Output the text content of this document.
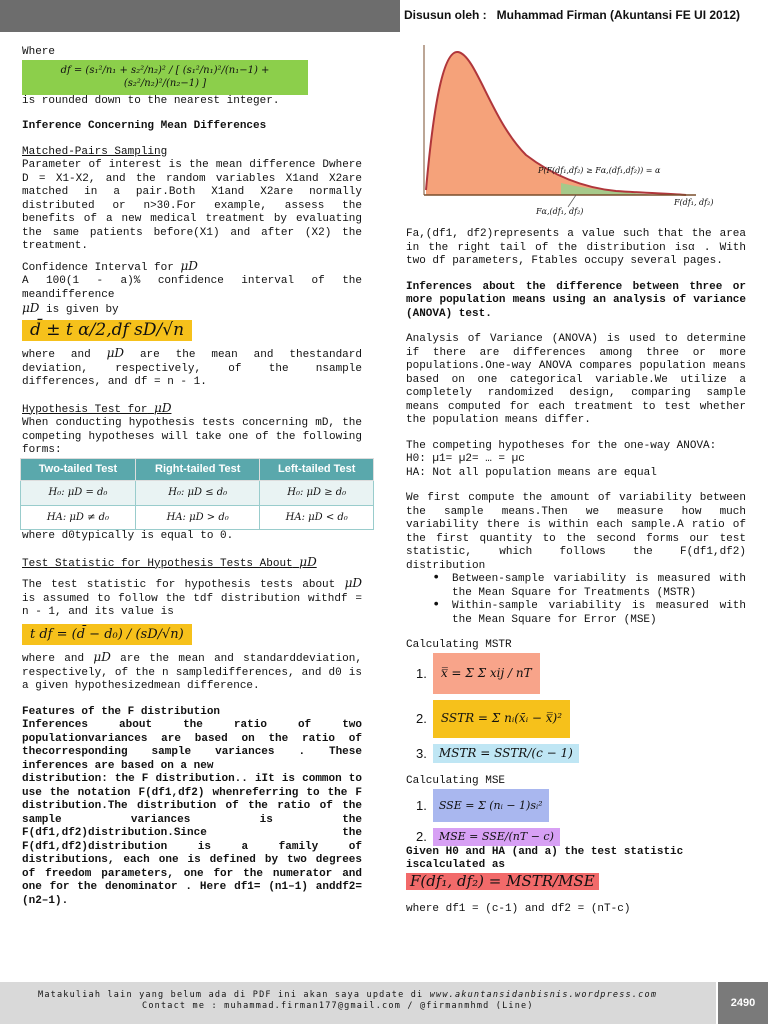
Disusun oleh : Muhammad Firman (Akuntansi FE UI 2012)
P(F(df₁,df₂) ≥ Fα,(df₁,df₂)) = α
F(df₁, df₂)
Fα,(df₁, df₂)
Where
df = (s₁²/n₁ + s₂²/n₂)² / [ (s₁²/n₁)²/(n₁−1) + (s₂²/n₂)²/(n₂−1) ]
is rounded down to the nearest integer.
Inference Concerning Mean Differences
Matched-Pairs Sampling
Parameter of interest is the mean difference Dwhere D = X1-X2, and the random variables X1and X2are matched in a pair.Both X1and X2are normally distributed or n>30.For example, assess the benefits of a new medical treatment by evaluating the same patients before(X1) and after (X2) the treatment.
Confidence Interval for μD
A 100(1 - a)% confidence interval of the meandifference
μD is given by
d̄ ± t α/2,df sD/√n
where and μD are the mean and thestandard deviation, respectively, of the nsample differences, and df = n - 1.
Hypothesis Test for μD
When conducting hypothesis tests concerning mD, the competing hypotheses will take one of the following forms:
Two-tailed Test	Right-tailed Test	Left-tailed Test
H₀: μD = d₀	H₀: μD ≤ d₀	H₀: μD ≥ d₀
HA: μD ≠ d₀	HA: μD > d₀	HA: μD < d₀
where d0typically is equal to 0.
Test Statistic for Hypothesis Tests About μD
The test statistic for hypothesis tests about μD is assumed to follow the tdf distribution withdf = n - 1, and its value is
t df = (d̄ − d₀) / (sD/√n)
where and μD are the mean and standarddeviation, respectively, of the n sampledifferences, and d0 is a given hypothesizedmean difference.
Features of the F distribution
Inferences about the ratio of two populationvariances are based on the ratio of thecorresponding sample variances . These inferences are based on a new
distribution: the F distribution.. iIt is common to use the notation F(df1,df2) whenreferring to the F distribution.The distribution of the ratio of the sample variances is the F(df1,df2)distribution.Since the F(df1,df2)distribution is a family of distributions, each one is defined by two degrees of freedom parameters, one for the numerator and one for the denominator . Here df1= (n1–1) anddf2= (n2–1).
Fa,(df1, df2)represents a value such that the area in the right tail of the distribution isα . With two df parameters, Ftables occupy several pages.
Inferences about the difference between three or more population means using an analysis of variance (ANOVA) test.
Analysis of Variance (ANOVA) is used to determine if there are differences among three or more populations.One-way ANOVA compares population means based on one categorical variable.We utilize a completely randomized design, comparing sample means computed for each treatment to test whether the population means differ.
The competing hypotheses for the one-way ANOVA:
H0: µ1= µ2= … = µc
HA: Not all population means are equal
We first compute the amount of variability between the sample means.Then we measure how much variability there is within each sample.A ratio of the first quantity to the second forms our test statistic, which follows the F(df1,df2) distribution
• Between-sample variability is measured with the Mean Square for Treatments (MSTR)
• Within-sample variability is measured with the Mean Square for Error (MSE)
Calculating MSTR
1.	x̿ = Σ Σ xij / nT
2.	SSTR = Σ nᵢ(x̄ᵢ − x̿)²
3.	MSTR = SSTR/(c − 1)
Calculating MSE
1.	SSE = Σ (nᵢ − 1)sᵢ²
2.	MSE = SSE/(nT − c)
Given H0 and HA (and a) the test statistic iscalculated as
F(df₁, df₂) = MSTR/MSE
where df1 = (c-1) and df2 = (nT-c)
Matakuliah lain yang belum ada di PDF ini akan saya update di www.akuntansidanbisnis.wordpress.com
Contact me : muhammad.firman177@gmail.com / @firmanmhmd (Line)	2490
